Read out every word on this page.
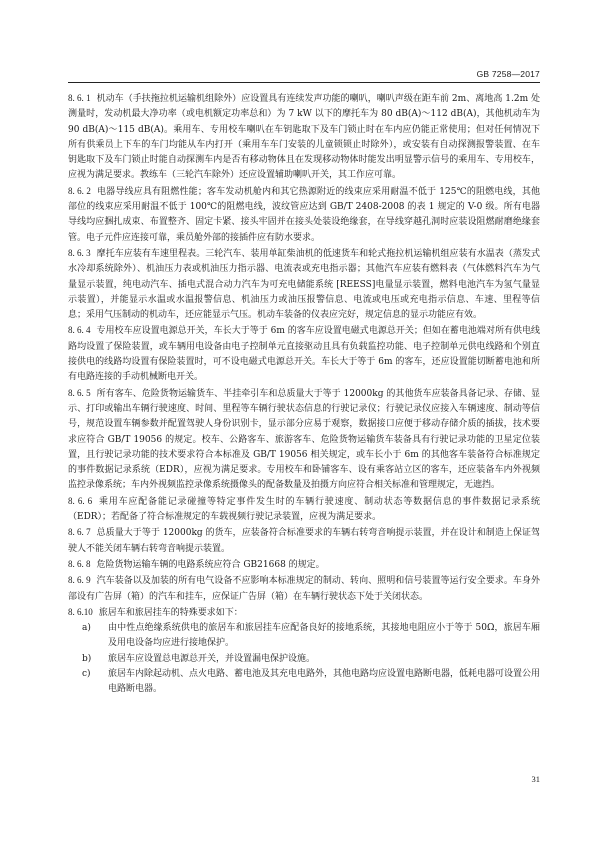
GB 7258—2017

8. 6. 1 机动车（手扶拖拉机运输机组除外）应设置具有连续发声功能的喇叭，喇叭声级在距车前 2m、离地高 1.2m 处测量时，发动机最大净功率（或电机额定功率总和）为 7 kW 以下的摩托车为 80 dB(A)～112 dB(A)，其他机动车为 90 dB(A)～115 dB(A)。乘用车、专用校车喇叭在车钥匙取下及车门锁止时在车内应仍能正常使用；但对任何情况下所有供乘员上下车的车门均能从车内打开（乘用车车门安装的儿童锁锁止时除外），或安装有自动探测报警装置、在车钥匙取下及车门锁止时能自动探测车内是否有移动物体且在发现移动物体时能发出明显警示信号的乘用车、专用校车，应视为满足要求。教练车（三轮汽车除外）还应设置辅助喇叭开关，其工作应可靠。

8. 6. 2 电器导线应具有阻燃性能；客车发动机舱内和其它热源附近的线束应采用耐温不低于 125℃的阻燃电线，其他部位的线束应采用耐温不低于 100℃的阻燃电线，波纹管应达到 GB/T 2408-2008 的表 1 规定的 V-0 级。所有电器导线均应捆扎成束、布置整齐、固定卡紧、接头牢固并在接头处装设绝缘套，在导线穿越孔洞时应装设阻燃耐磨绝缘套管。电子元件应连接可靠，乘员舱外部的接插件应有防水要求。

8. 6. 3 摩托车应装有车速里程表。三轮汽车、装用单缸柴油机的低速货车和轮式拖拉机运输机组应装有水温表（蒸发式水冷却系统除外）、机油压力表或机油压力指示器、电流表或充电指示器；其他汽车应装有燃料表（气体燃料汽车为气量显示装置，纯电动汽车、插电式混合动力汽车为可充电储能系统 [REESS]电量显示装置，燃料电池汽车为氢气量显示装置），并能显示水温或水温报警信息、机油压力或油压报警信息、电流或电压或充电指示信息、车速、里程等信息；采用气压制动的机动车，还应能显示气压。机动车装备的仪表应完好，规定信息的显示功能应有效。

8. 6. 4 专用校车应设置电源总开关，车长大于等于 6m 的客车应设置电磁式电源总开关；但如在蓄电池端对所有供电线路均设置了保险装置，或车辆用电设备由电子控制单元直接驱动且具有负载监控功能、电子控制单元供电线路和个别直接供电的线路均设置有保险装置时，可不设电磁式电源总开关。车长大于等于 6m 的客车，还应设置能切断蓄电池和所有电路连接的手动机械断电开关。

8. 6. 5 所有客车、危险货物运输货车、半挂牵引车和总质量大于等于 12000kg 的其他货车应装备具备记录、存储、显示、打印或输出车辆行驶速度、时间、里程等车辆行驶状态信息的行驶记录仪；行驶记录仪应接入车辆速度、制动等信号，规范设置车辆参数并配置驾驶人身份识别卡，显示部分应易于观察，数据接口应便于移动存储介质的插拔，技术要求应符合 GB/T 19056 的规定。校车、公路客车、旅游客车、危险货物运输货车装备具有行驶记录功能的卫星定位装置，且行驶记录功能的技术要求符合本标准及 GB/T 19056 相关规定，或车长小于 6m 的其他客车装备符合标准规定的事件数据记录系统（EDR），应视为满足要求。专用校车和卧铺客车、设有乘客站立区的客车，还应装备车内外视频监控录像系统；车内外视频监控录像系统摄像头的配备数量及拍摄方向应符合相关标准和管理规定，无遮挡。

8. 6. 6 乘用车应配备能记录碰撞等特定事件发生时的车辆行驶速度、制动状态等数据信息的事件数据记录系统（EDR）；若配备了符合标准规定的车载视频行驶记录装置，应视为满足要求。

8. 6. 7 总质量大于等于 12000kg 的货车，应装备符合标准要求的车辆右转弯音响提示装置，并在设计和制造上保证驾驶人不能关闭车辆右转弯音响提示装置。

8. 6. 8 危险货物运输车辆的电路系统应符合 GB21668 的规定。

8. 6. 9 汽车装备以及加装的所有电气设备不应影响本标准规定的制动、转向、照明和信号装置等运行安全要求。车身外部设有广告屏（箱）的汽车和挂车，应保证广告屏（箱）在车辆行驶状态下处于关闭状态。

8. 6.10 旅居车和旅居挂车的特殊要求如下：

a)	由中性点绝缘系统供电的旅居车和旅居挂车应配备良好的接地系统，其接地电阻应小于等于 50Ω，旅居车厢及用电设备均应进行接地保护。
b)	旅居车应设置总电源总开关，并设置漏电保护设施。
c)	旅居车内除起动机、点火电路、蓄电池及其充电电路外，其他电路均应设置电路断电器，低耗电器可设置公用电路断电器。
31
